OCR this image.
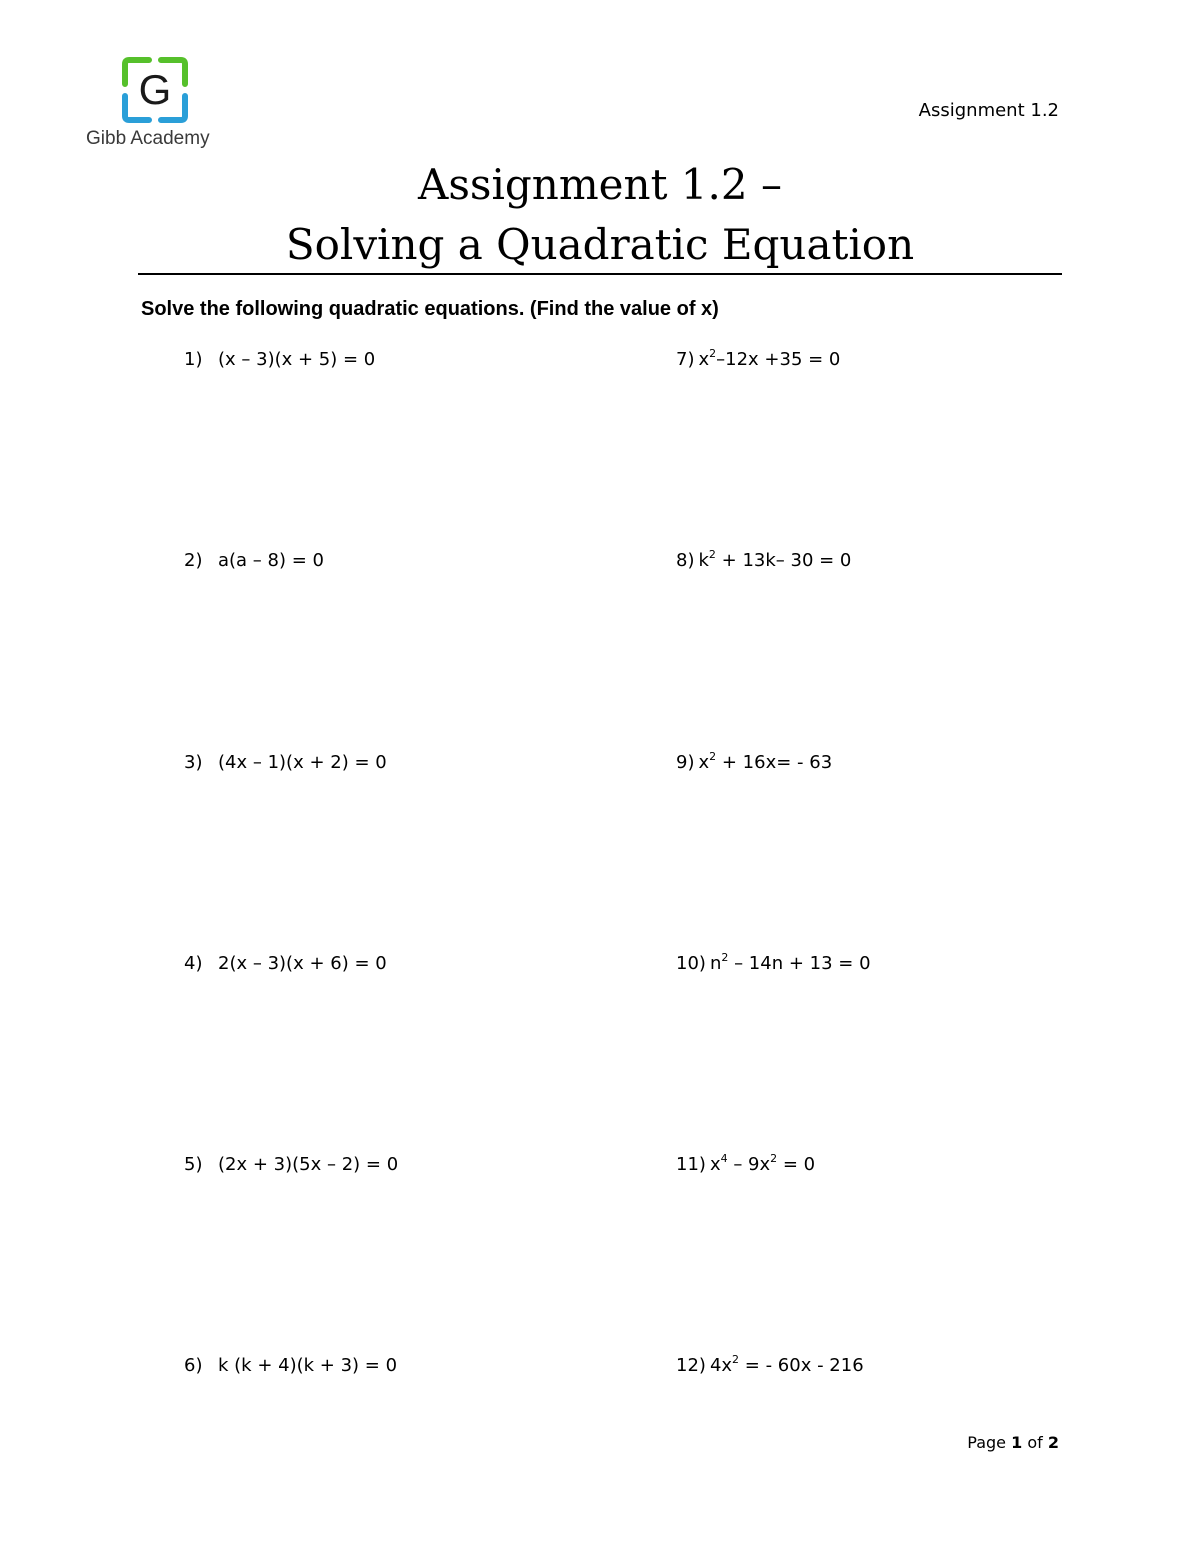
G
Gibb Academy
Assignment 1.2
Assignment 1.2 –
Solving a Quadratic Equation
Solve the following quadratic equations. (Find the value of x)
1) (x – 3)(x + 5) = 0
2) a(a – 8) = 0
3) (4x – 1)(x + 2) = 0
4) 2(x – 3)(x + 6) = 0
5) (2x + 3)(5x – 2) = 0
6) k (k + 4)(k + 3) = 0
7) $x^2-12x +35 = 0$
8) $k^2 + 13k-$ 30 = 0
9) $x^2 + 16x= - 63$
10) $n^2 - 14n + 13 = 0$
11) $x^4 - 9x^2 = 0$
12) $4x^2$ = - 60x - 216
Page 1 of 2
